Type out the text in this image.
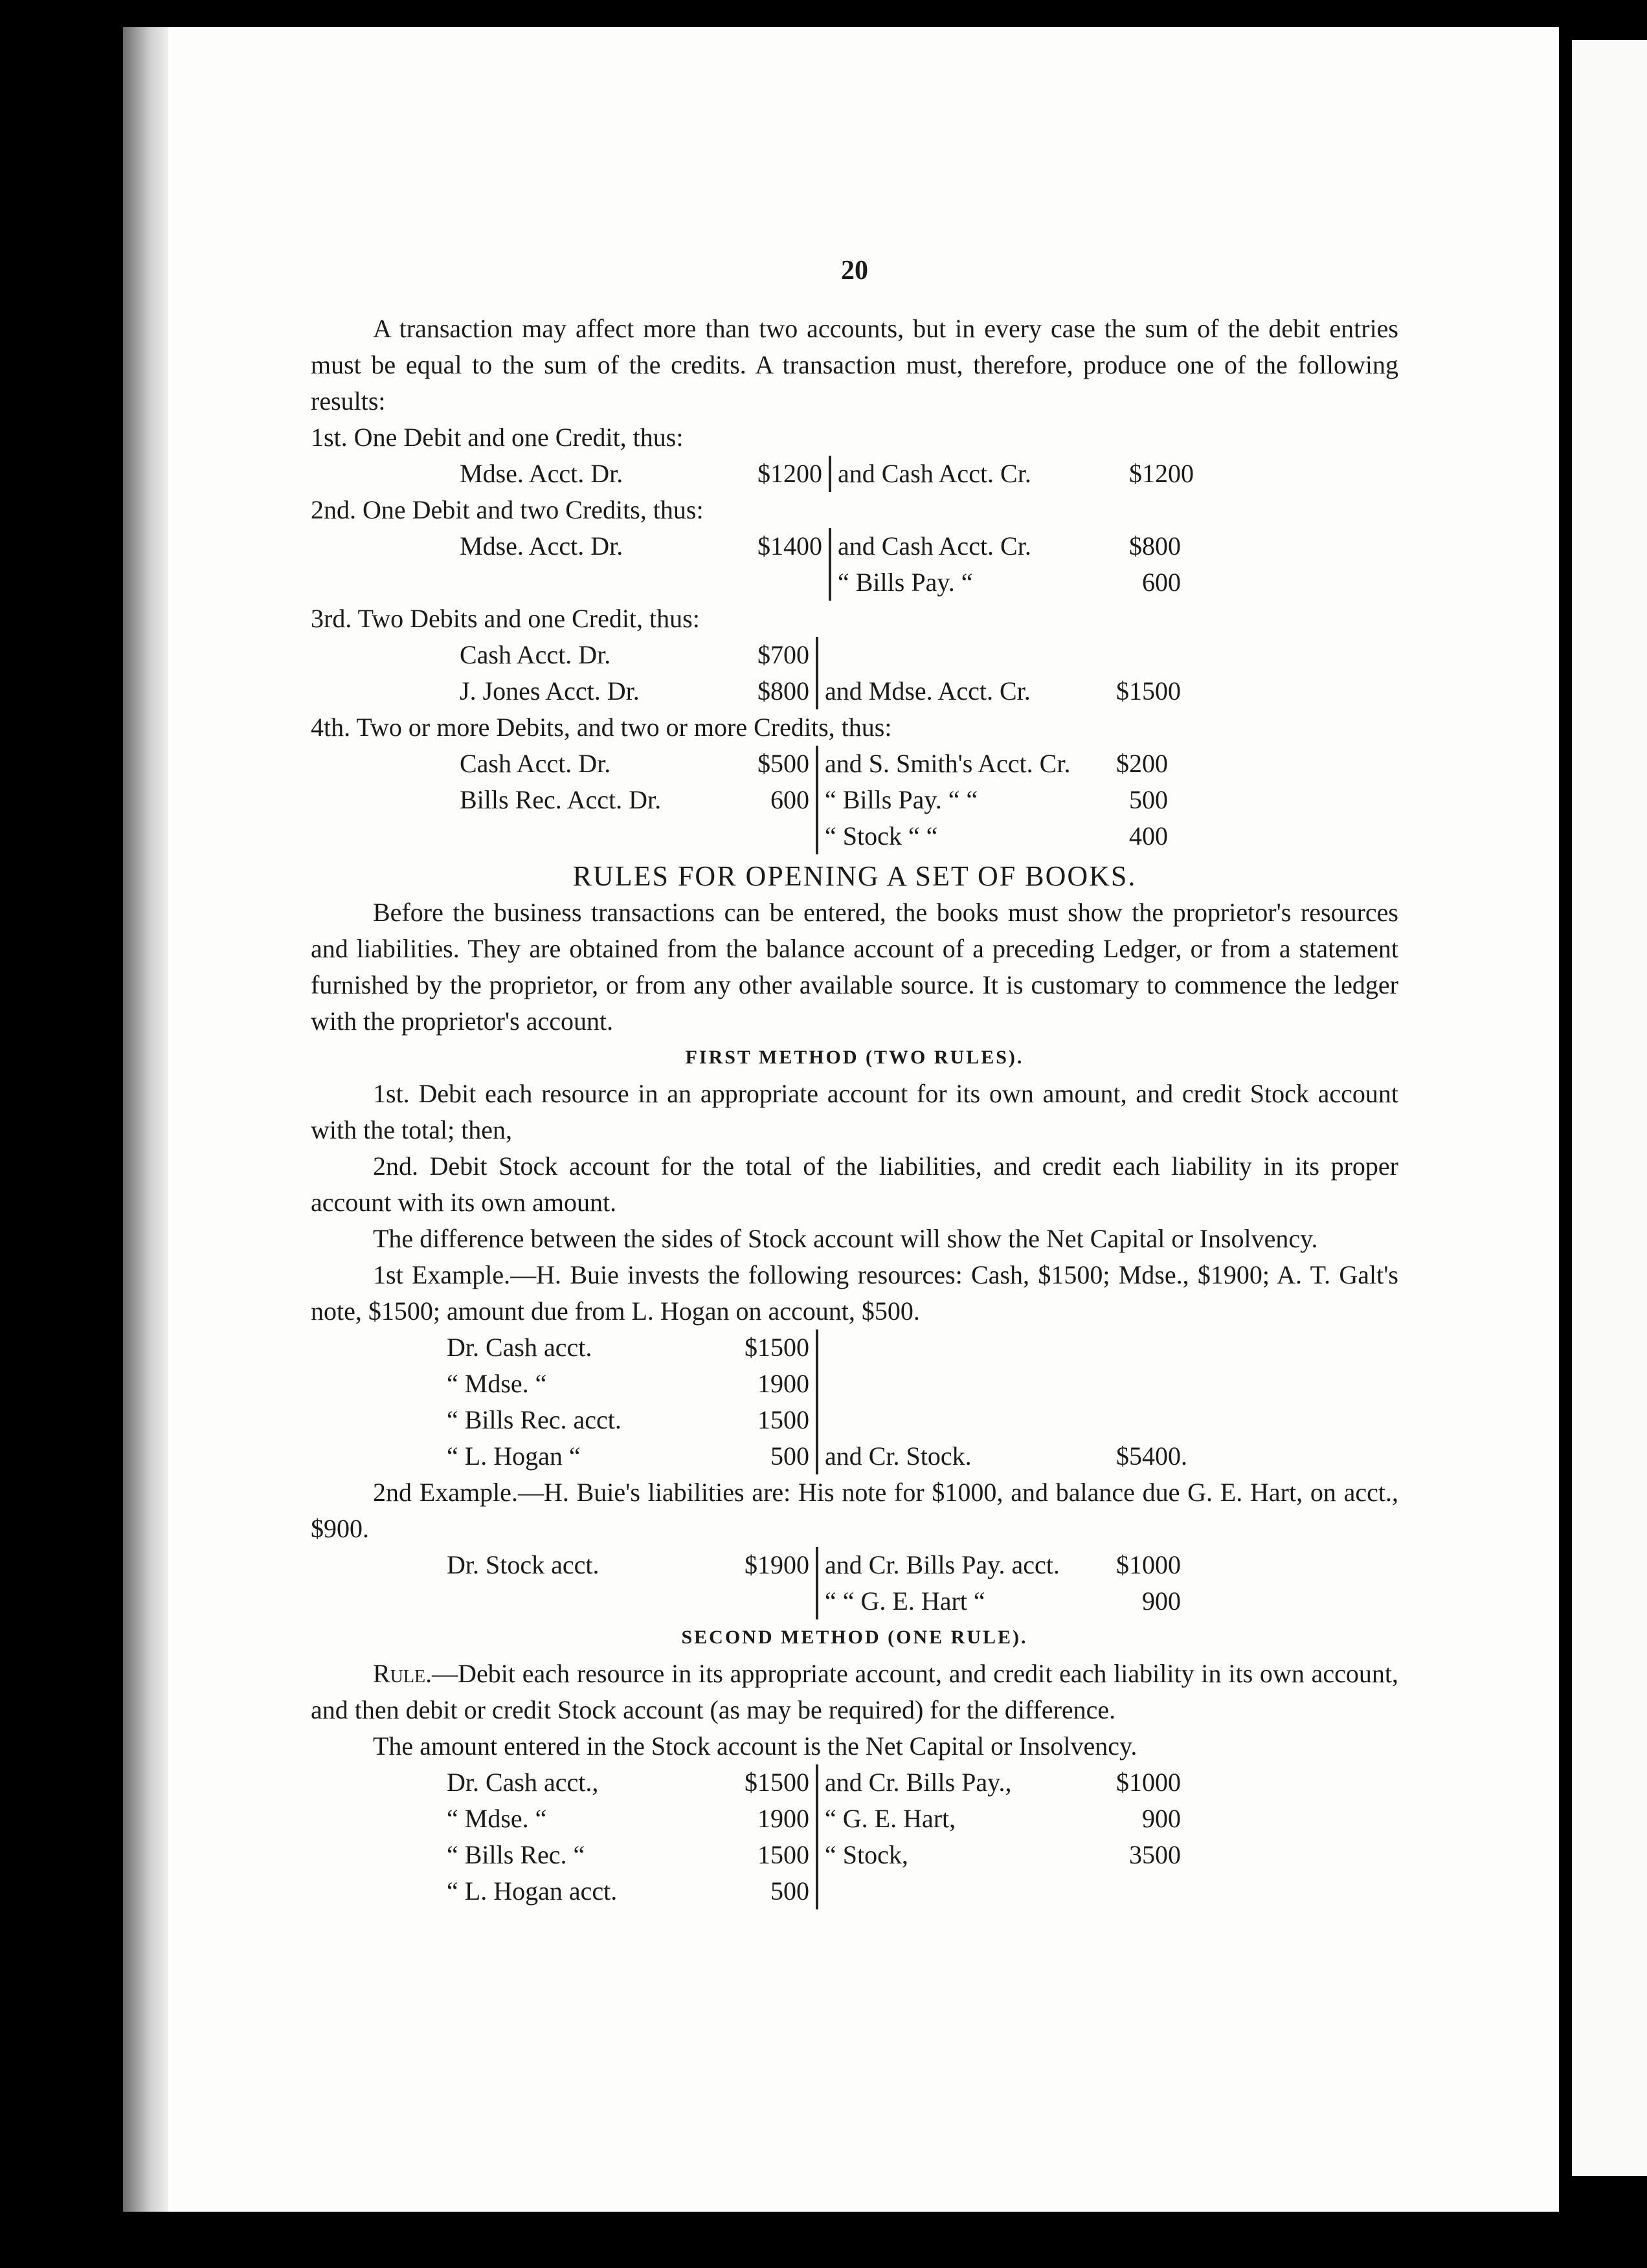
20

A transaction may affect more than two accounts, but in every case the sum of the debit entries must be equal to the sum of the credits. A transaction must, therefore, produce one of the following results:

1st. One Debit and one Credit, thus:

Mdse. Acct. Dr.	$1200	and Cash Acct. Cr.	$1200

2nd. One Debit and two Credits, thus:

Mdse. Acct. Dr.	$1400	and Cash Acct. Cr.	$800
		“ Bills Pay. “	600

3rd. Two Debits and one Credit, thus:

Cash Acct. Dr.	$700		
J. Jones Acct. Dr.	$800	and Mdse. Acct. Cr.	$1500

4th. Two or more Debits, and two or more Credits, thus:

Cash Acct. Dr.	$500	and S. Smith's Acct. Cr.	$200
Bills Rec. Acct. Dr.	600	“ Bills Pay. “ “	500
		“ Stock “ “	400
RULES FOR OPENING A SET OF BOOKS.

Before the business transactions can be entered, the books must show the proprietor's resources and liabilities. They are obtained from the balance account of a preceding Ledger, or from a statement furnished by the proprietor, or from any other available source. It is customary to commence the ledger with the proprietor's account.

FIRST METHOD (TWO RULES).

1st. Debit each resource in an appropriate account for its own amount, and credit Stock account with the total; then,

2nd. Debit Stock account for the total of the liabilities, and credit each liability in its proper account with its own amount.

The difference between the sides of Stock account will show the Net Capital or Insolvency.

1st Example.—H. Buie invests the following resources: Cash, $1500; Mdse., $1900; A. T. Galt's note, $1500; amount due from L. Hogan on account, $500.

Dr. Cash acct.	$1500		
“ Mdse. “	1900		
“ Bills Rec. acct.	1500		
“ L. Hogan “	500	and Cr. Stock.	$5400.

2nd Example.—H. Buie's liabilities are: His note for $1000, and balance due G. E. Hart, on acct., $900.

Dr. Stock acct.	$1900	and Cr. Bills Pay. acct.	$1000
		“ “ G. E. Hart “	900
SECOND METHOD (ONE RULE).

Rule.—Debit each resource in its appropriate account, and credit each liability in its own account, and then debit or credit Stock account (as may be required) for the difference.

The amount entered in the Stock account is the Net Capital or Insolvency.

Dr. Cash acct.,	$1500	and Cr. Bills Pay.,	$1000
“ Mdse. “	1900	“ G. E. Hart,	900
“ Bills Rec. “	1500	“ Stock,	3500
“ L. Hogan acct.	500		
